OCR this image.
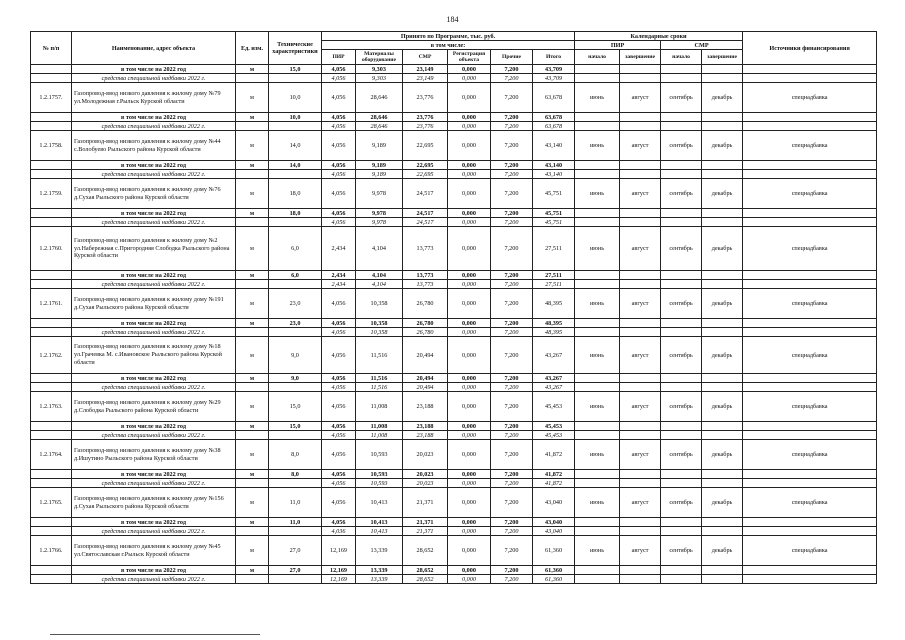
184
№ п/п	Наименование, адрес объекта	Ед. изм.	Технические характеристики	Принято по Программе, тыс. руб.						Календарные сроки				Источники финансирования
				в том числе:						ПИР		СМР		
				ПИР	Материалы оборудование	СМР	Регистрация объекта	Прочие	Итого	начало	завершение	начало	завершение	
	в том числе на 2022 год	м	15,0	4,056	9,303	23,149	0,000	7,200	43,709					
	средства специальной надбавки 2022 г.			4,056	9,303	23,149	0,000	7,200	43,709					
1.2.1757.	Газопровод-ввод низкого давления к жилому дому №79 ул.Молодежная г.Рыльск Курской области	м	10,0	4,056	28,646	23,776	0,000	7,200	63,678	июнь	август	сентябрь	декабрь	спецнадбавка
	в том числе на 2022 год	м	10,0	4,056	28,646	23,776	0,000	7,200	63,678					
	средства специальной надбавки 2022 г.			4,056	28,646	23,776	0,000	7,200	63,678					
1.2.1758.	Газопровод-ввод низкого давления к жилому дому №44 с.Волобуево Рыльского района Курской области	м	14,0	4,056	9,189	22,695	0,000	7,200	43,140	июнь	август	сентябрь	декабрь	спецнадбавка
	в том числе на 2022 год	м	14,0	4,056	9,189	22,695	0,000	7,200	43,140					
	средства специальной надбавки 2022 г.			4,056	9,189	22,695	0,000	7,200	43,140					
1.2.1759.	Газопровод-ввод низкого давления к жилому дому №76 д.Сухая Рыльского района Курской области	м	18,0	4,056	9,978	24,517	0,000	7,200	45,751	июнь	август	сентябрь	декабрь	спецнадбавка
	в том числе на 2022 год	м	18,0	4,056	9,978	24,517	0,000	7,200	45,751					
	средства специальной надбавки 2022 г.			4,056	9,978	24,517	0,000	7,200	45,751					
1.2.1760.	Газопровод-ввод низкого давления к жилому дому №2 ул.Набережная с.Пригородняя Слободка Рыльского района Курской области	м	6,0	2,434	4,104	13,773	0,000	7,200	27,511	июнь	август	сентябрь	декабрь	спецнадбавка
	в том числе на 2022 год	м	6,0	2,434	4,104	13,773	0,000	7,200	27,511					
	средства специальной надбавки 2022 г.			2,434	4,104	13,773	0,000	7,200	27,511					
1.2.1761.	Газопровод-ввод низкого давления к жилому дому №191 д.Сухая Рыльского района Курской области	м	23,0	4,056	10,358	26,780	0,000	7,200	48,395	июнь	август	сентябрь	декабрь	спецнадбавка
	в том числе на 2022 год	м	23,0	4,056	10,358	26,780	0,000	7,200	48,395					
	средства специальной надбавки 2022 г.			4,056	10,358	26,780	0,000	7,200	48,395					
1.2.1762.	Газопровод-ввод низкого давления к жилому дому №18 ул.Грачевка М. с.Ивановское Рыльского района Курской области	м	9,0	4,056	11,516	20,494	0,000	7,200	43,267	июнь	август	сентябрь	декабрь	спецнадбавка
	в том числе на 2022 год	м	9,0	4,056	11,516	20,494	0,000	7,200	43,267					
	средства специальной надбавки 2022 г.			4,056	11,516	20,494	0,000	7,200	43,267					
1.2.1763.	Газопровод-ввод низкого давления к жилому дому №29 д.Слободка Рыльского района Курской области	м	15,0	4,056	11,008	23,188	0,000	7,200	45,453	июнь	август	сентябрь	декабрь	спецнадбавка
	в том числе на 2022 год	м	15,0	4,056	11,008	23,188	0,000	7,200	45,453					
	средства специальной надбавки 2022 г.			4,056	11,008	23,188	0,000	7,200	45,453					
1.2.1764.	Газопровод-ввод низкого давления к жилому дому №38 д.Ишутино Рыльского района Курской области	м	8,0	4,056	10,593	20,023	0,000	7,200	41,872	июнь	август	сентябрь	декабрь	спецнадбавка
	в том числе на 2022 год	м	8,0	4,056	10,593	20,023	0,000	7,200	41,872					
	средства специальной надбавки 2022 г.			4,056	10,593	20,023	0,000	7,200	41,872					
1.2.1765.	Газопровод-ввод низкого давления к жилому дому №156 д.Сухая Рыльского района Курской области	м	11,0	4,056	10,413	21,371	0,000	7,200	43,040	июнь	август	сентябрь	декабрь	спецнадбавка
	в том числе на 2022 год	м	11,0	4,056	10,413	21,371	0,000	7,200	43,040					
	средства специальной надбавки 2022 г.			4,036	10,413	21,371	0,000	7,200	43,040					
1.2.1766.	Газопровод-ввод низкого давления к жилому дому №45 ул.Святославская г.Рыльск Курской области	м	27,0	12,169	13,339	28,652	0,000	7,200	61,360	июнь	август	сентябрь	декабрь	спецнадбавка
	в том числе на 2022 год	м	27,0	12,169	13,339	28,652	0,000	7,200	61,360					
	средства специальной надбавки 2022 г.			12,169	13,339	28,652	0,000	7,200	61,360					
